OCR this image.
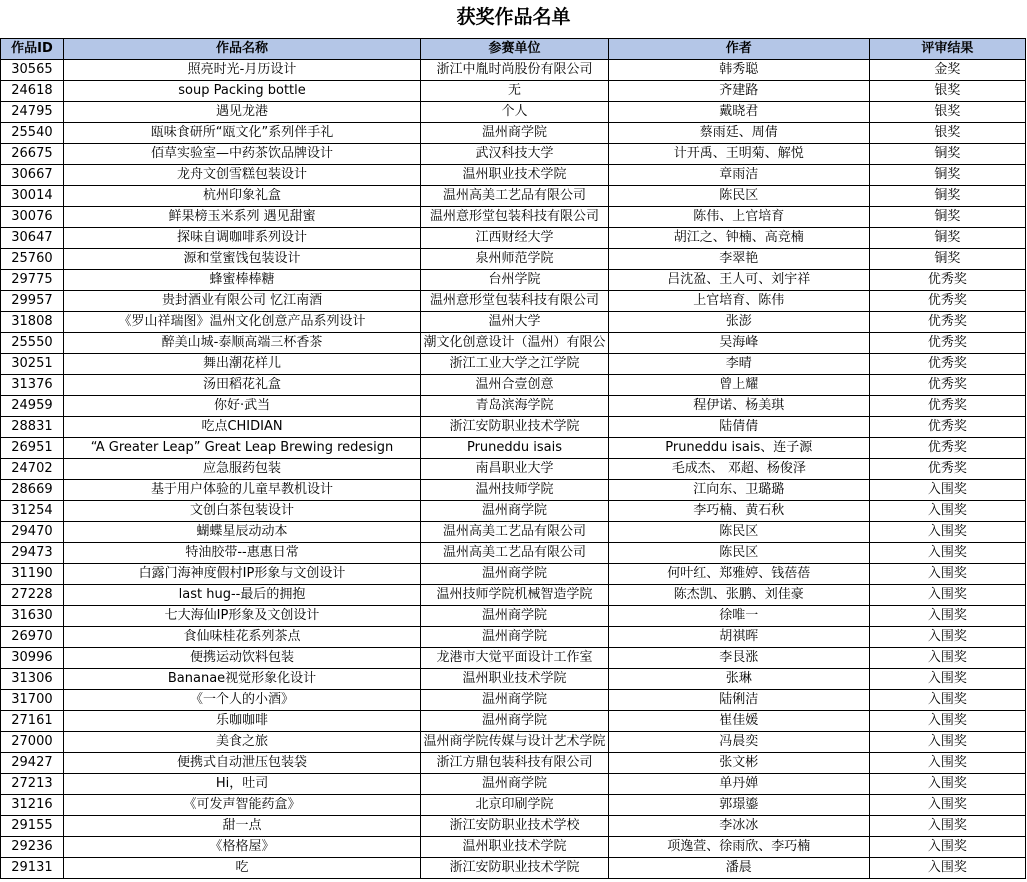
获奖作品名单
作品ID	作品名称	参赛单位	作者	评审结果
30565	照亮时光-月历设计	浙江中胤时尚股份有限公司	韩秀聪	金奖
24618	soup Packing bottle	无	齐建路	银奖
24795	遇见龙港	个人	戴晓君	银奖
25540	瓯味食研所“瓯文化”系列伴手礼	温州商学院	蔡雨廷、周倩	银奖
26675	佰草实验室—中药茶饮品牌设计	武汉科技大学	计开禹、王明菊、解悦	铜奖
30667	龙舟文创雪糕包装设计	温州职业技术学院	章雨洁	铜奖
30014	杭州印象礼盒	温州高美工艺品有限公司	陈民区	铜奖
30076	鲜果榜玉米系列 遇见甜蜜	温州意形堂包装科技有限公司	陈伟、上官培育	铜奖
30647	探味自调咖啡系列设计	江西财经大学	胡江之、钟楠、高竞楠	铜奖
25760	源和堂蜜饯包装设计	泉州师范学院	李翠艳	铜奖
29775	蜂蜜棒棒糖	台州学院	吕沈盈、王人可、刘宇祥	优秀奖
29957	贵封酒业有限公司 忆江南酒	温州意形堂包装科技有限公司	上官培育、陈伟	优秀奖
31808	《罗山祥瑞图》温州文化创意产品系列设计	温州大学	张澎	优秀奖
25550	醉美山城-泰顺高端三杯香茶	潮文化创意设计（温州）有限公	吴海峰	优秀奖
30251	舞出潮花样儿	浙江工业大学之江学院	李晴	优秀奖
31376	汤田稻花礼盒	温州合壹创意	曾上耀	优秀奖
24959	你好·武当	青岛滨海学院	程伊诺、杨美琪	优秀奖
28831	吃点CHIDIAN	浙江安防职业技术学院	陆倩倩	优秀奖
26951	“A Greater Leap” Great Leap Brewing redesign	Pruneddu isais	Pruneddu isais、连子源	优秀奖
24702	应急服药包装	南昌职业大学	毛成杰、 邓超、杨俊泽	优秀奖
28669	基于用户体验的儿童早教机设计	温州技师学院	江向东、卫璐璐	入围奖
31254	文创白茶包装设计	温州商学院	李巧楠、黄石秋	入围奖
29470	蝴蝶星辰动动本	温州高美工艺品有限公司	陈民区	入围奖
29473	特油胶带--惠惠日常	温州高美工艺品有限公司	陈民区	入围奖
31190	白露门海神度假村IP形象与文创设计	温州商学院	何叶红、郑雅婷、钱蓓蓓	入围奖
27228	last hug--最后的拥抱	温州技师学院机械智造学院	陈杰凯、张鹏、刘佳豪	入围奖
31630	七大海仙IP形象及文创设计	温州商学院	徐唯一	入围奖
26970	食仙味桂花系列茶点	温州商学院	胡祺晖	入围奖
30996	便携运动饮料包装	龙港市大觉平面设计工作室	李艮涨	入围奖
31306	Bananae视觉形象化设计	温州职业技术学院	张琳	入围奖
31700	《一个人的小酒》	温州商学院	陆俐洁	入围奖
27161	乐咖咖啡	温州商学院	崔佳媛	入围奖
27000	美食之旅	温州商学院传媒与设计艺术学院	冯晨奕	入围奖
29427	便携式自动泄压包装袋	浙江方鼎包装科技有限公司	张文彬	入围奖
27213	Hi，吐司	温州商学院	单丹婵	入围奖
31216	《可发声智能药盒》	北京印刷学院	郭璟鎏	入围奖
29155	甜一点	浙江安防职业技术学校	李冰冰	入围奖
29236	《格格屋》	温州职业技术学院	项逸萱、徐雨欣、李巧楠	入围奖
29131	吃	浙江安防职业技术学院	潘晨	入围奖
